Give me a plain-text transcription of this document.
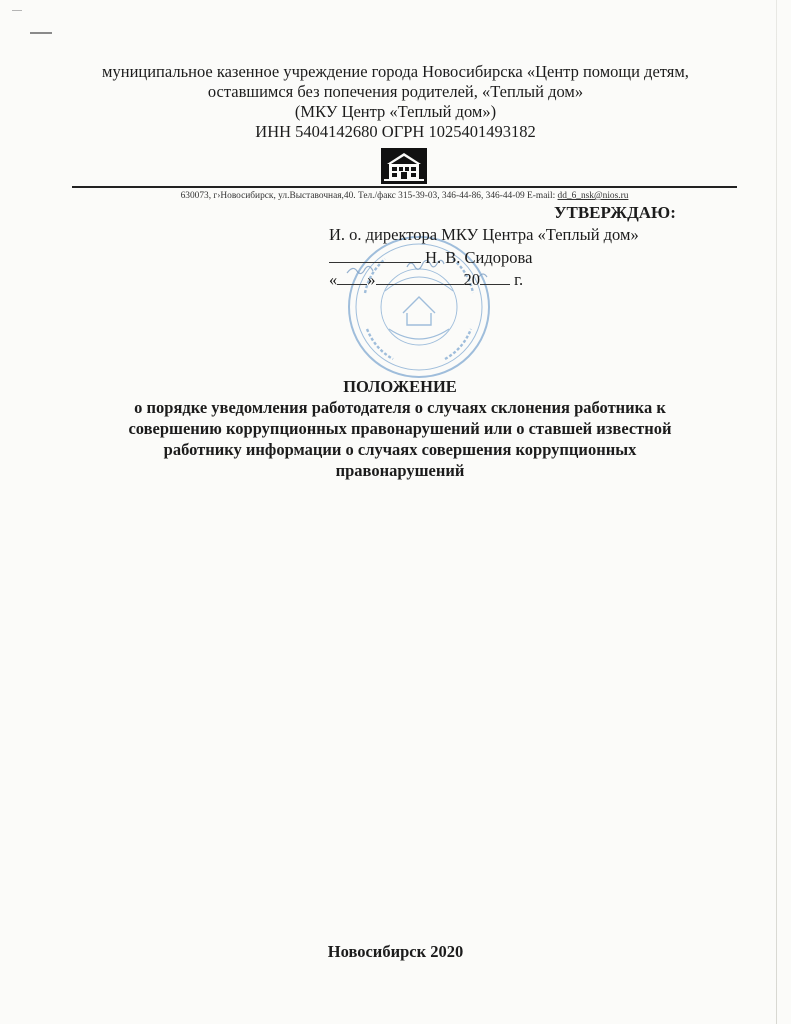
муниципальное казенное учреждение города Новосибирска «Центр помощи детям,
оставшимся без попечения родителей, «Теплый дом»
(МКУ Центр «Теплый дом»)
ИНН 5404142680 ОГРН 1025401493182
630073, г›Новосибирск, ул.Выставочная,40. Тел./факс 315-39-03, 346-44-86, 346-44-09 E-mail: dd_6_nsk@nios.ru
УТВЕРЖДАЮ:
И. о. директора МКУ Центра «Теплый дом»
Н. В. Сидорова
« »	20 г.
ПОЛОЖЕНИЕ
о порядке уведомления работодателя о случаях склонения работника к
совершению коррупционных правонарушений или о ставшей известной
работнику информации о случаях совершения коррупционных
правонарушений
Новосибирск 2020
